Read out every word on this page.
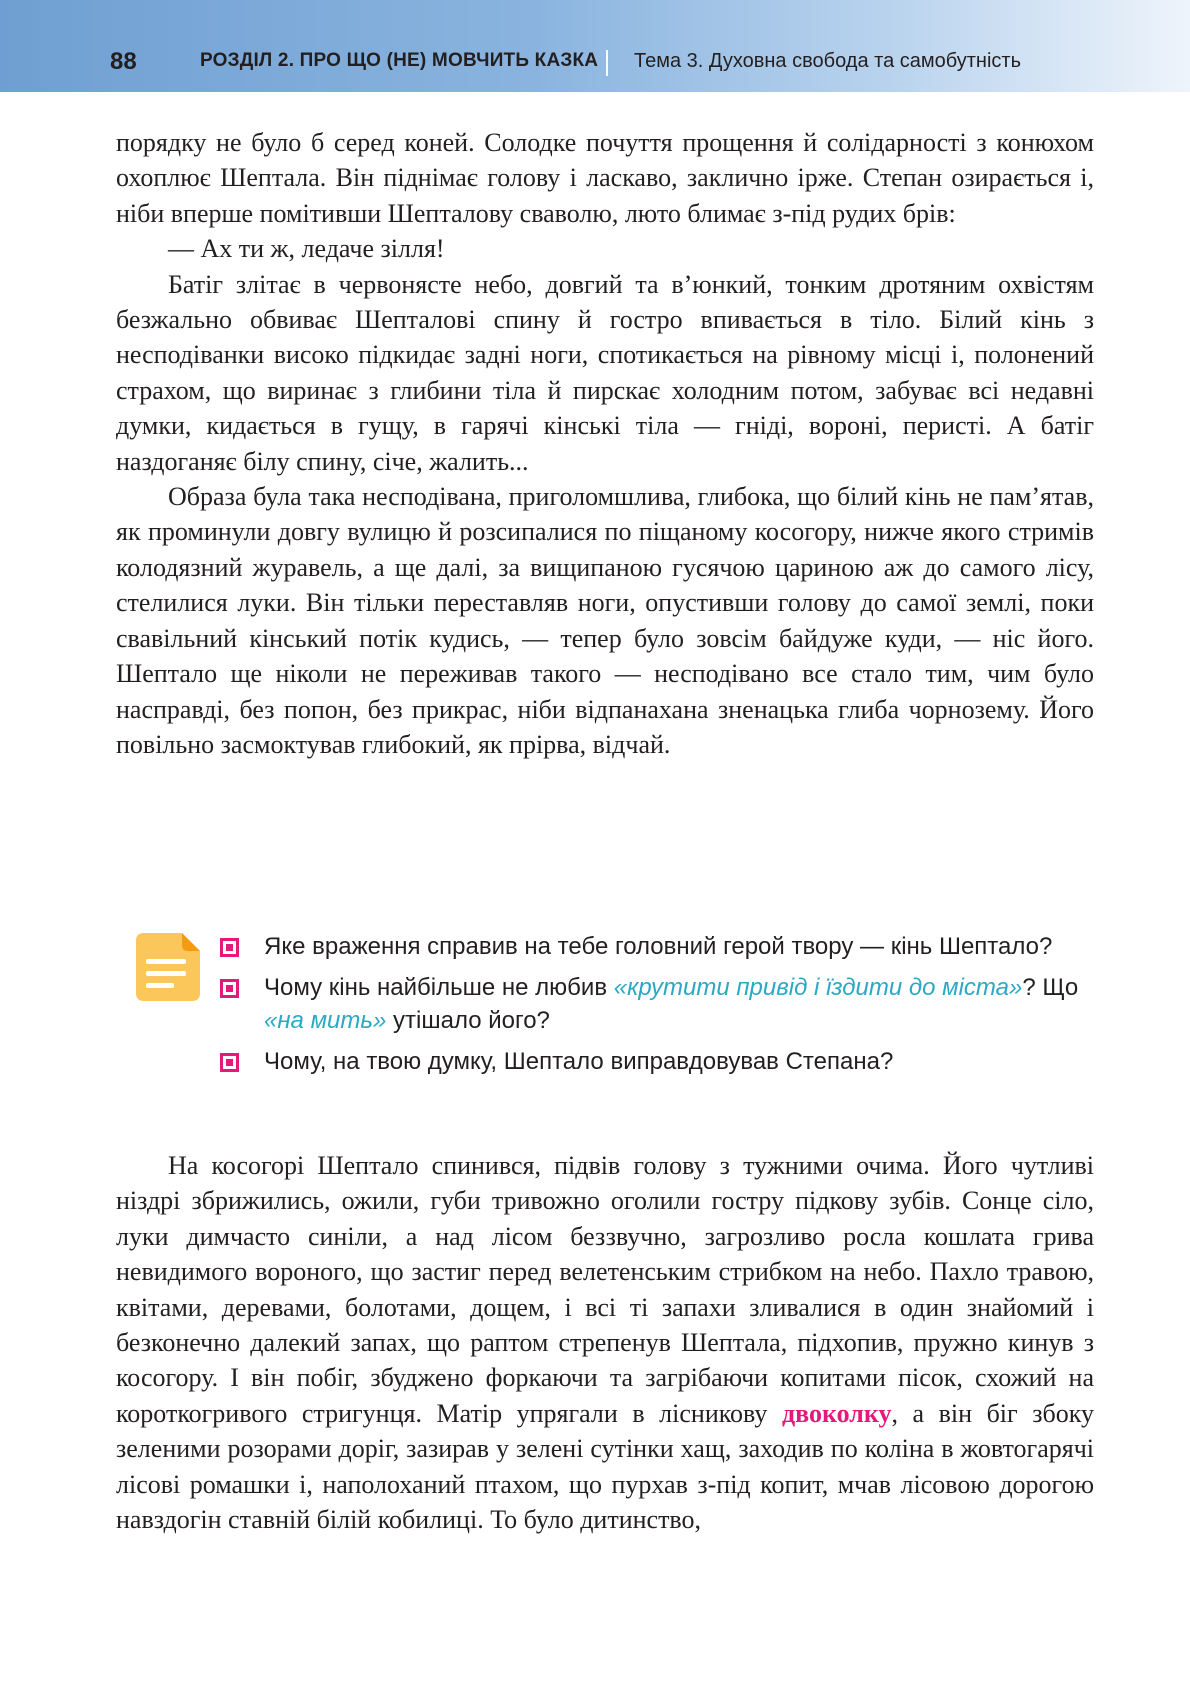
88	РОЗДІЛ 2. ПРО ЩО (НЕ) МОВЧИТЬ КАЗКА Тема 3. Духовна свобода та самобутність

порядку не було б серед коней. Солодке почуття прощення й солідарності з конюхом охоплює Шептала. Він піднімає голову і лаcкаво, закличнo ірже. Степан озирається і, ніби вперше помітивши Шепталову сваволю, люто блимає з-під рудих брів:

— Ах ти ж, ледаче зілля!

Батіг злітає в червонясте небо, довгий та в’юнкий, тонким дротяним охвістям безжально обвиває Шепталові спину й гостро впивається в тіло. Білий кінь з несподіванки високо підкидає задні ноги, спотикається на рівному місці і, полонений страхом, що виринає з глибини тіла й пирскає холодним потом, забуває всі недавні думки, кидається в гущу, в гарячі кінські тіла — гніді, вороні, перисті. А батіг наздоганяє білу спину, січе, жалить...

Образа була така несподівана, приголомшлива, глибока, що білий кінь не пам’ятав, як проминули довгу вулицю й розсипалися по піщаному косогору, нижче якого стримів колодязний журавель, а ще далі, за вищипаною гусячою цариною аж до самого лісу, стелилися луки. Він тільки переставляв ноги, опустивши голову до самої землі, поки свавільний кінський потік кудись, — тепер було зовсім байдуже куди, — ніс його. Шептало ще ніколи не переживав такого — несподівано все стало тим, чим було насправді, без попон, без прикрас, ніби відпанахана зненацька глиба чорнозему. Його повільно засмоктував глибокий, як прірва, відчай.

Яке враження справив на тебе головний герой твору — кінь Шептало?
Чому кінь найбільше не любив «крутити привід і їздити до міста»? Що «на мить» утішало його?
Чому, на твою думку, Шептало виправдовував Степана?

На косогорі Шептало спинився, підвів голову з тужними очима. Його чутливі ніздрі збрижились, ожили, губи тривожно оголили гостру підкову зубів. Сонце сіло, луки димчасто синіли, а над лісом беззвучно, загрозливо росла кошлата грива невидимого вороного, що застиг перед велетенським стрибком на небо. Пахло травою, квітами, деревами, болотами, дощем, і всі ті запахи зливалися в один знайомий і безконечно далекий запах, що раптом стрепенув Шептала, підхопив, пружно кинув з косогору. І він побіг, збуджено форкаючи та загрібаючи копитами пісок, схожий на короткогривого стригунця. Матір упрягали в лісникову двоколку, а він біг збоку зеленими розорами доріг, зазирав у зелені сутінки хащ, заходив по коліна в жовтогарячі лісові ромашки і, наполоханий птахом, що пурхав з-під копит, мчав лісовою дорогою навздогін ставній білій кобилиці. То було дитинство,
